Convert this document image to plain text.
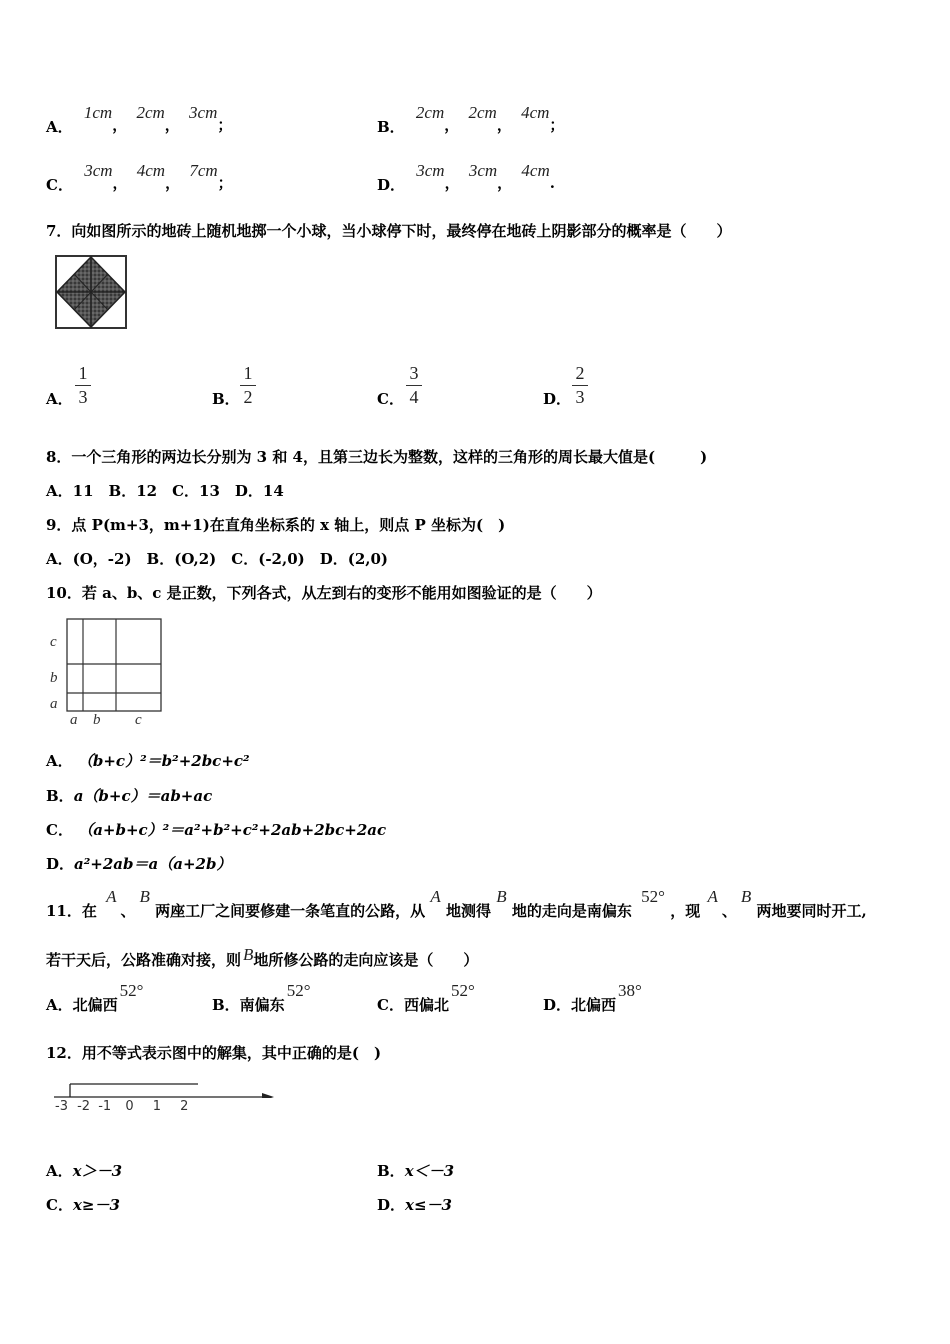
A． 1cm， 2cm， 3cm；	B． 2cm， 2cm， 4cm；
C． 3cm， 4cm， 7cm；	D． 3cm， 3cm， 4cm.
7．向如图所示的地砖上随机地掷一个小球，当小球停下时，最终停在地砖上阴影部分的概率是（　　）
A．
1
3	B．
1
2	C．
3
4	D．
2
3
8．一个三角形的两边长分别为 3 和 4，且第三边长为整数，这样的三角形的周长最大值是(　　　)
A．11　B．12　C．13　D．14
9．点 P(m+3，m+1)在直角坐标系的 x 轴上，则点 P 坐标为(　)
A．(O，-2)　B．(O,2)　C．(-2,0)　D．(2,0)
10．若 a、b、c 是正数，下列各式，从左到右的变形不能用如图验证的是（　　）
c
b
a
a b c
A． （b+c）²＝b²+2bc+c²
B．a（b+c）＝ab+ac
C． （a+b+c）²＝a²+b²+c²+2ab+2bc+2ac
D．a²+2ab＝a（a+2b）
11．在 A、B 两座工厂之间要修建一条笔直的公路，从 A 地测得 B 地的走向是南偏东 52° ，现 A、B 两地要同时开工,
若干天后，公路准确对接，则 B地所修公路的走向应该是（　　）
A．北偏西52°
B．南偏东52°
C．西偏北52°
D．北偏西38°
12．用不等式表示图中的解集，其中正确的是(　)
-3 -2 -1 0 1 2
A．x＞－3	B．x＜－3
C．x≥－3	D．x≤－3
